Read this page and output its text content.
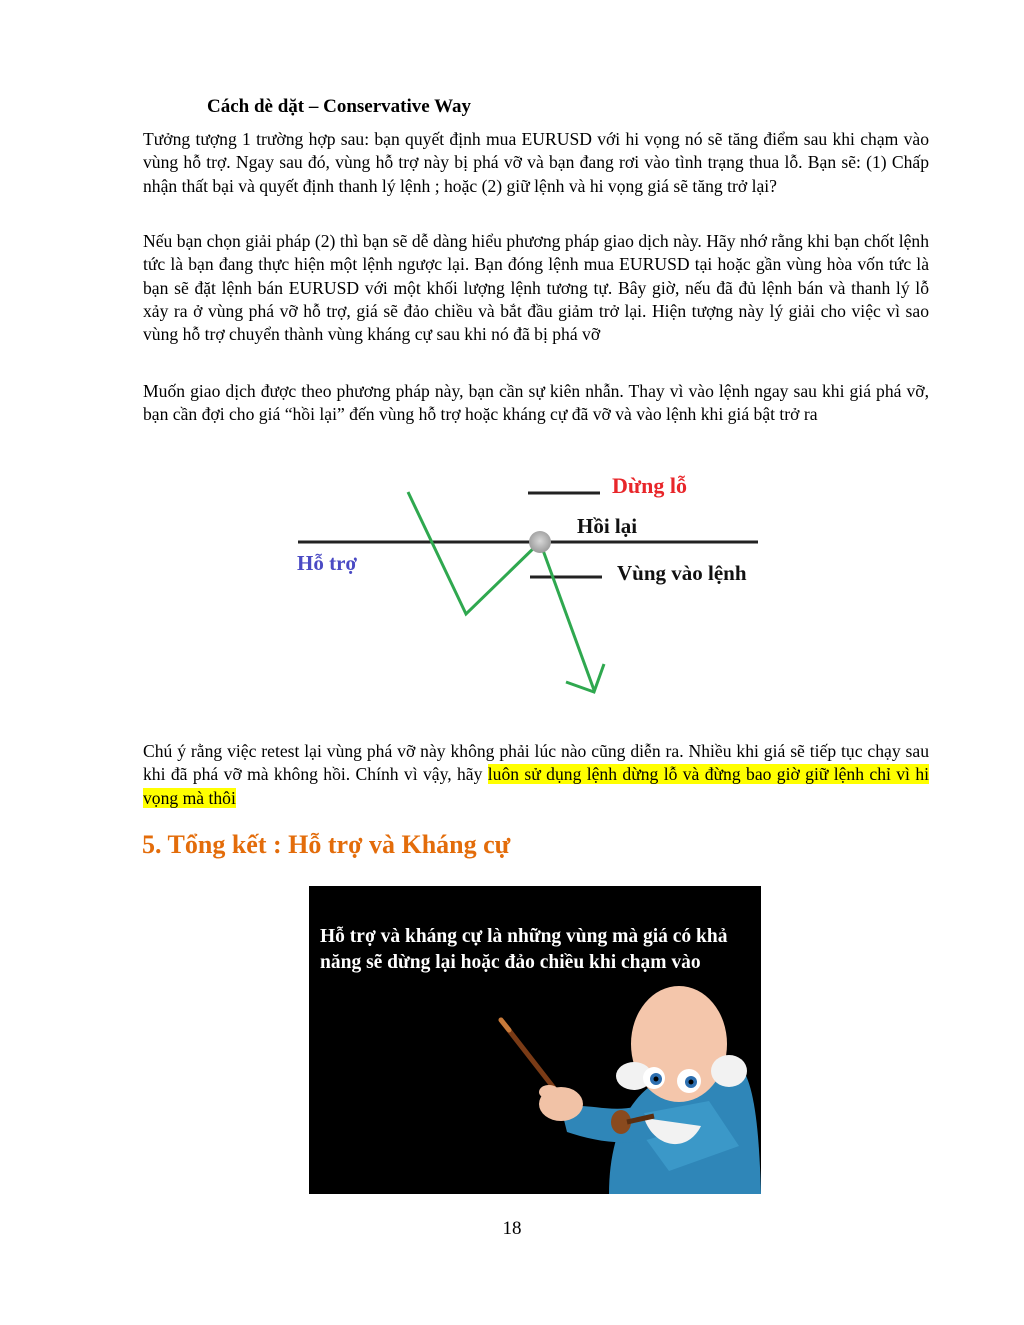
Cách dè dặt – Conservative Way

Tưởng tượng 1 trường hợp sau: bạn quyết định mua EURUSD với hi vọng nó sẽ tăng điểm sau khi chạm vào vùng hỗ trợ. Ngay sau đó, vùng hỗ trợ này bị phá vỡ và bạn đang rơi vào tình trạng thua lỗ. Bạn sẽ: (1) Chấp nhận thất bại và quyết định thanh lý lệnh ; hoặc (2) giữ lệnh và hi vọng giá sẽ tăng trở lại?

Nếu bạn chọn giải pháp (2) thì bạn sẽ dễ dàng hiểu phương pháp giao dịch này. Hãy nhớ rằng khi bạn chốt lệnh tức là bạn đang thực hiện một lệnh ngược lại. Bạn đóng lệnh mua EURUSD tại hoặc gần vùng hòa vốn tức là bạn sẽ đặt lệnh bán EURUSD với một khối lượng lệnh tương tự. Bây giờ, nếu đã đủ lệnh bán và thanh lý lỗ xảy ra ở vùng phá vỡ hỗ trợ, giá sẽ đảo chiều và bắt đầu giảm trở lại. Hiện tượng này lý giải cho việc vì sao vùng hỗ trợ chuyển thành vùng kháng cự sau khi nó đã bị phá vỡ

Muốn giao dịch được theo phương pháp này, bạn cần sự kiên nhẫn. Thay vì vào lệnh ngay sau khi giá phá vỡ, bạn cần đợi cho giá “hồi lại” đến vùng hỗ trợ hoặc kháng cự đã vỡ và vào lệnh khi giá bật trở ra

Hỗ trợ
Dừng lỗ
Hồi lại
Vùng vào lệnh

Chú ý rằng việc retest lại vùng phá vỡ này không phải lúc nào cũng diễn ra. Nhiều khi giá sẽ tiếp tục chạy sau khi đã phá vỡ mà không hồi. Chính vì vậy, hãy luôn sử dụng lệnh dừng lỗ và đừng bao giờ giữ lệnh chỉ vì hi vọng mà thôi

5. Tổng kết : Hỗ trợ và Kháng cự

Hỗ trợ và kháng cự là những vùng mà giá có khả năng sẽ dừng lại hoặc đảo chiều khi chạm vào

18
